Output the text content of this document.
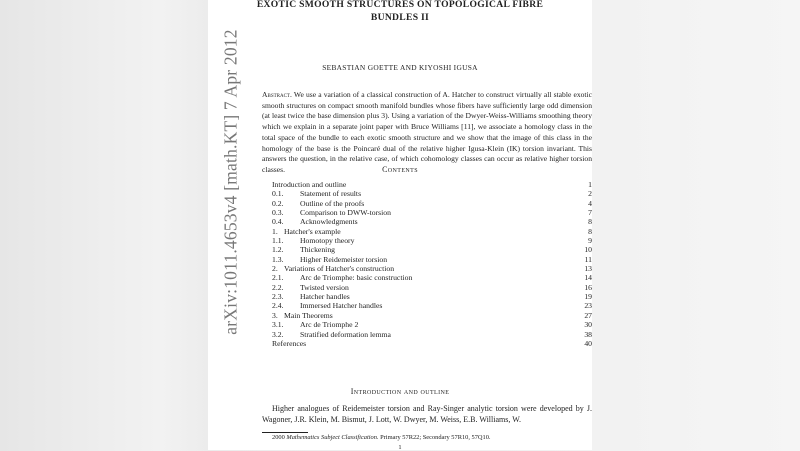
arXiv:1011.4653v4 [math.KT] 7 Apr 2012
EXOTIC SMOOTH STRUCTURES ON TOPOLOGICAL FIBRE
BUNDLES II
SEBASTIAN GOETTE AND KIYOSHI IGUSA
Abstract. We use a variation of a classical construction of A. Hatcher to construct virtually all stable exotic smooth structures on compact smooth manifold bundles whose fibers have sufficiently large odd dimension (at least twice the base dimension plus 3). Using a variation of the Dwyer-Weiss-Williams smoothing theory which we explain in a separate joint paper with Bruce Williams [11], we associate a homology class in the total space of the bundle to each exotic smooth structure and we show that the image of this class in the homology of the base is the Poincaré dual of the relative higher Igusa-Klein (IK) torsion invariant. This answers the question, in the relative case, of which cohomology classes can occur as relative higher torsion classes.	Contents
Introduction and outline	1
0.1.	Statement of results	2
0.2.	Outline of the proofs	4
0.3.	Comparison to DWW-torsion	7
0.4.	Acknowledgments	8
1. Hatcher's example	8
1.1.	Homotopy theory	9
1.2.	Thickening	10
1.3.	Higher Reidemeister torsion	11
2. Variations of Hatcher's construction	13
2.1.	Arc de Triomphe: basic construction	14
2.2.	Twisted version	16
2.3.	Hatcher handles	19
2.4.	Immersed Hatcher handles	23
3. Main Theorems	27
3.1.	Arc de Triomphe 2	30
3.2.	Stratified deformation lemma	38
References	40
Introduction and outline
Higher analogues of Reidemeister torsion and Ray-Singer analytic torsion were developed by J. Wagoner, J.R. Klein, M. Bismut, J. Lott, W. Dwyer, M. Weiss, E.B. Williams, W.
2000 Mathematics Subject Classification. Primary 57R22; Secondary 57R10, 57Q10.
1
